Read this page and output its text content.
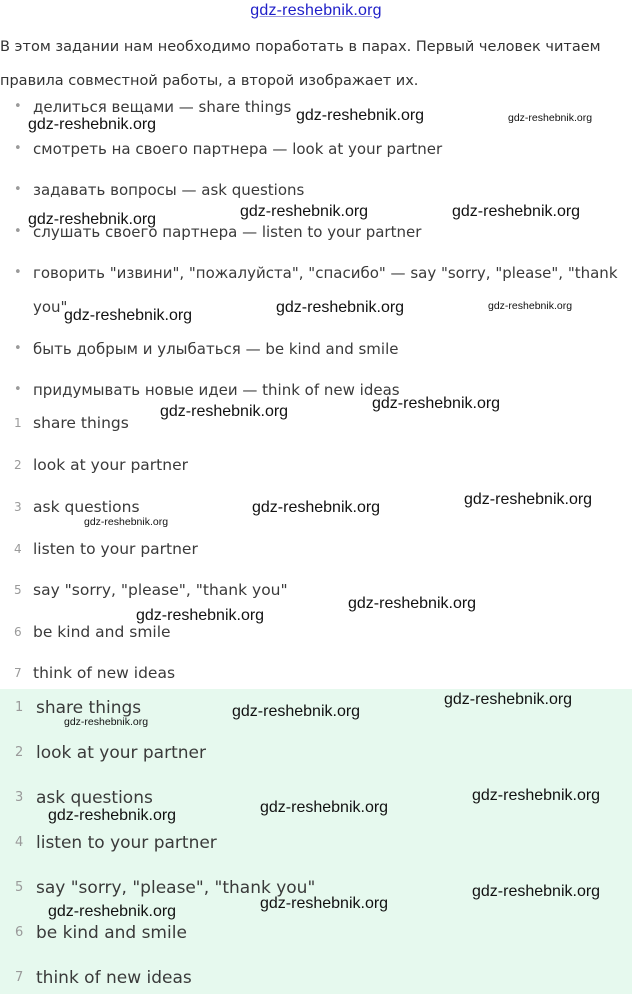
gdz-reshebnik.org
В этом задании нам необходимо поработать в парах. Первый человек читаем правила совместной работы, а второй изображает их.
• делиться вещами — share things
• смотреть на своего партнера — look at your partner
• задавать вопросы — ask questions
• слушать своего партнера — listen to your partner
• говорить "извини", "пожалуйста", "спасибо" — say "sorry, "please", "thank you"
• быть добрым и улыбаться — be kind and smile
• придумывать новые идеи — think of new ideas
1 share things
2 look at your partner
3 ask questions
4 listen to your partner
5 say "sorry, "please", "thank you"
6 be kind and smile
7 think of new ideas
1 share things
2 look at your partner
3 ask questions
4 listen to your partner
5 say "sorry, "please", "thank you"
6 be kind and smile
7 think of new ideas
gdz-reshebnik.org
gdz-reshebnik.org	gdz-reshebnik.org
gdz-reshebnik.org	gdz-reshebnik.org	gdz-reshebnik.org
gdz-reshebnik.org	gdz-reshebnik.org	gdz-reshebnik.org
gdz-reshebnik.org	gdz-reshebnik.org
gdz-reshebnik.org
gdz-reshebnik.org
gdz-reshebnik.org
gdz-reshebnik.org
gdz-reshebnik.org
gdz-reshebnik.org
gdz-reshebnik.org
gdz-reshebnik.org
gdz-reshebnik.org
gdz-reshebnik.org
gdz-reshebnik.org
gdz-reshebnik.org
gdz-reshebnik.org
gdz-reshebnik.org
